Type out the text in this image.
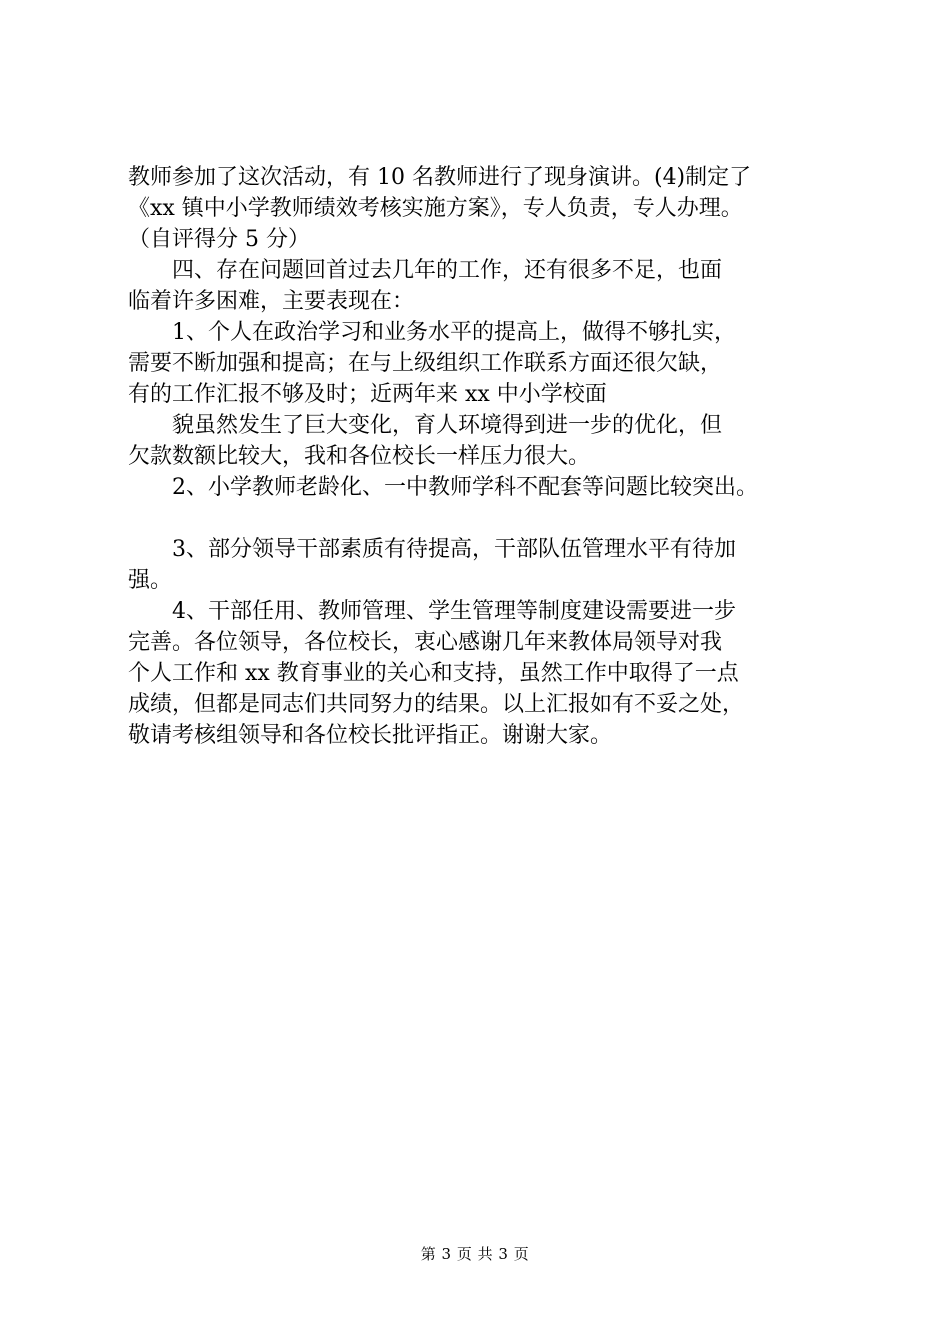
教师参加了这次活动，有 10 名教师进行了现身演讲。(4)制定了
《xx 镇中小学教师绩效考核实施方案》，专人负责，专人办理。
（自评得分 5 分）
　　四、存在问题回首过去几年的工作，还有很多不足，也面
临着许多困难，主要表现在：
　　1、个人在政治学习和业务水平的提高上，做得不够扎实，
需要不断加强和提高；在与上级组织工作联系方面还很欠缺，
有的工作汇报不够及时；近两年来 xx 中小学校面
　　貌虽然发生了巨大变化，育人环境得到进一步的优化，但
欠款数额比较大，我和各位校长一样压力很大。
　　2、小学教师老龄化、一中教师学科不配套等问题比较突出。
　　3、部分领导干部素质有待提高，干部队伍管理水平有待加
强。
　　4、干部任用、教师管理、学生管理等制度建设需要进一步
完善。各位领导，各位校长，衷心感谢几年来教体局领导对我
个人工作和 xx 教育事业的关心和支持，虽然工作中取得了一点
成绩，但都是同志们共同努力的结果。以上汇报如有不妥之处，
敬请考核组领导和各位校长批评指正。谢谢大家。
第 3 页 共 3 页
